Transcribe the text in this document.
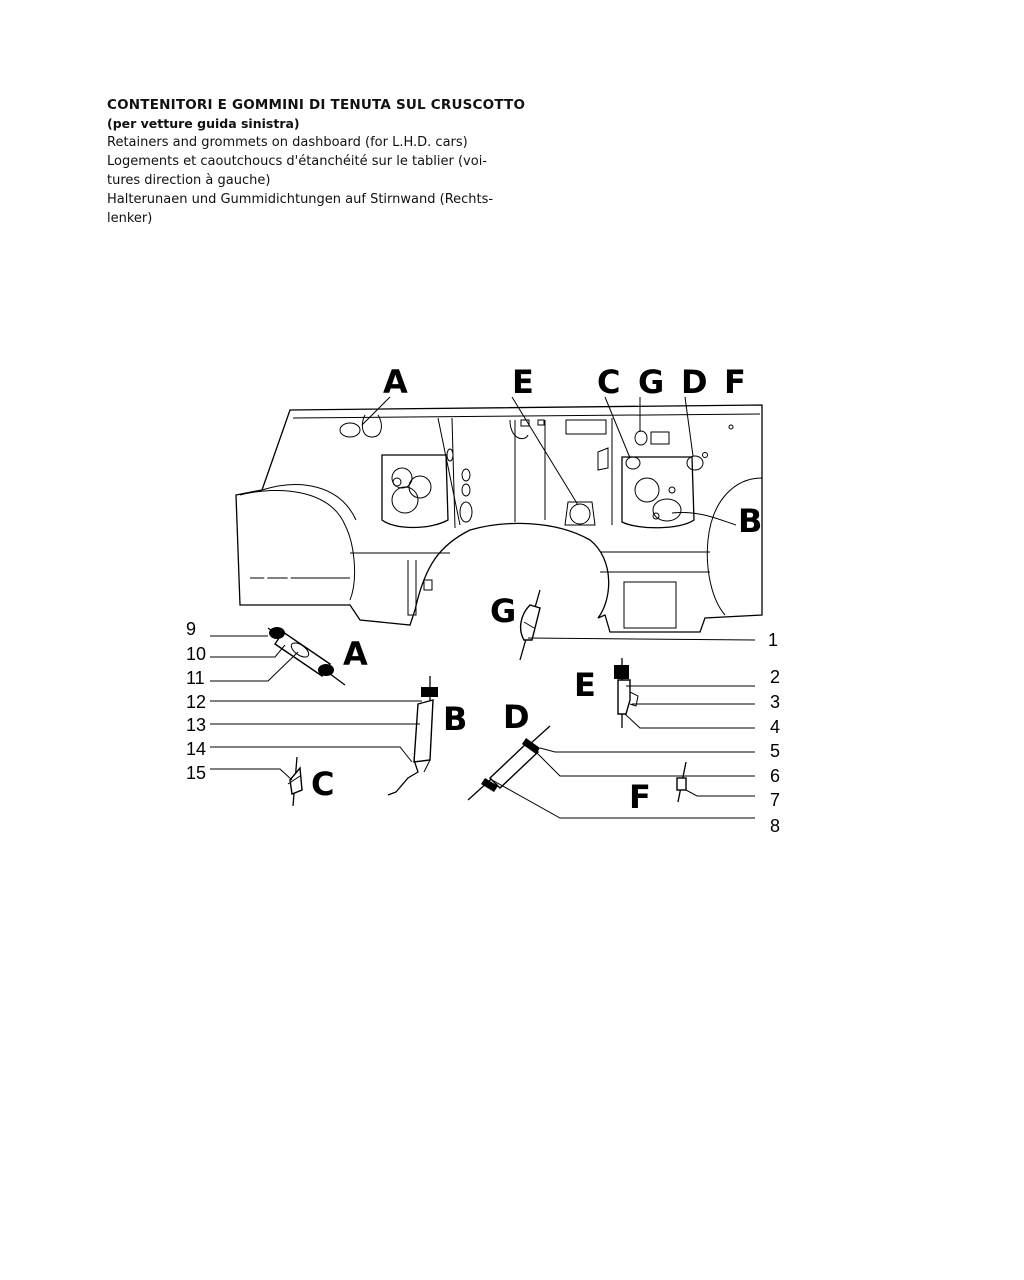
CONTENITORI E GOMMINI DI TENUTA SUL CRUSCOTTO

(per vetture guida sinistra)

Retainers and grommets on dashboard (for L.H.D. cars)

Logements et caoutchoucs d'étanchéité sur le tablier (voi-

tures direction à gauche)

Halterunaen und Gummidichtungen auf Stirnwand (Rechts-

lenker)

A	E C G D F
B
A
G
E
B D
C	F
1
2
3
4
5
6
7
8
9
10
11
12
13
14
15
